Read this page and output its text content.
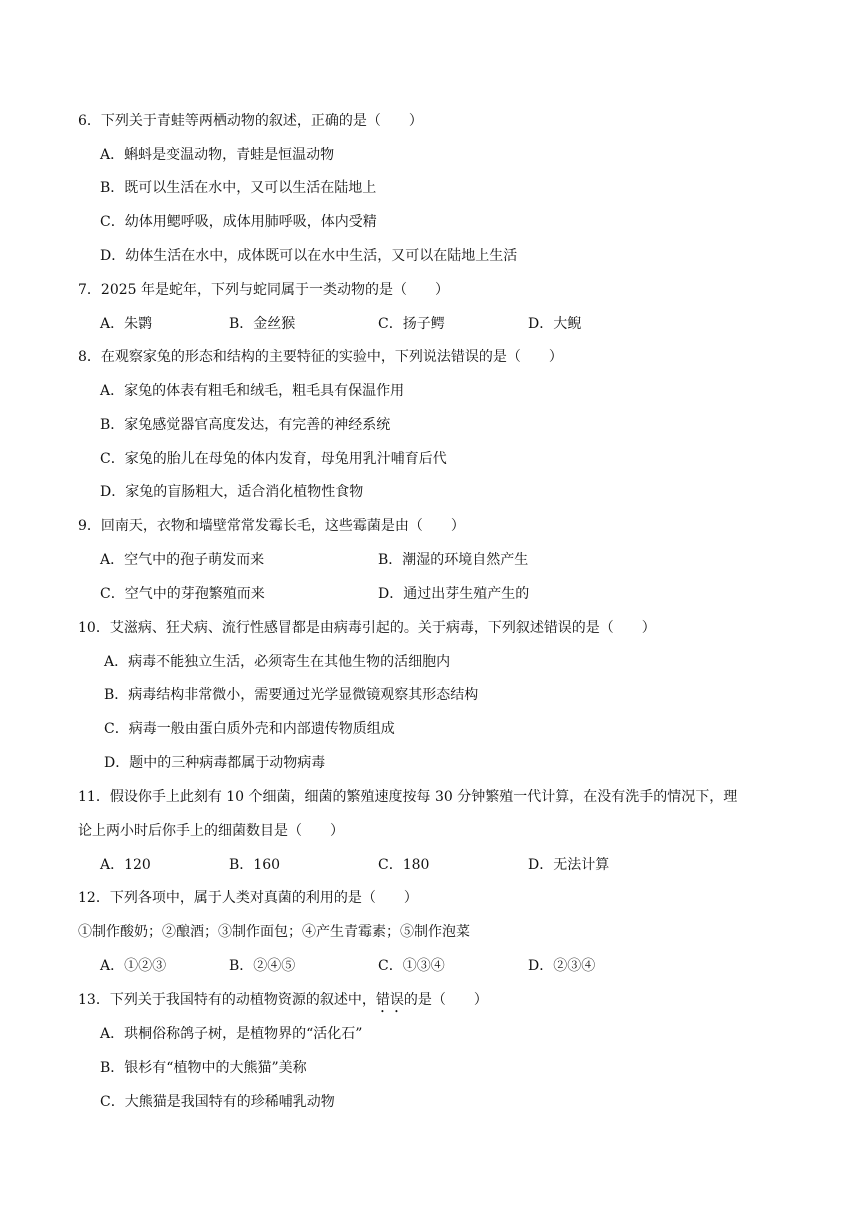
6．下列关于青蛙等两栖动物的叙述，正确的是（　　）
A．蝌蚪是变温动物，青蛙是恒温动物
B．既可以生活在水中，又可以生活在陆地上
C．幼体用鳃呼吸，成体用肺呼吸，体内受精
D．幼体生活在水中，成体既可以在水中生活，又可以在陆地上生活
7．2025 年是蛇年，下列与蛇同属于一类动物的是（　　）
A．朱鹮	B．金丝猴	C．扬子鳄	D．大鲵
8．在观察家兔的形态和结构的主要特征的实验中，下列说法错误的是（　　）
A．家兔的体表有粗毛和绒毛，粗毛具有保温作用
B．家兔感觉器官高度发达，有完善的神经系统
C．家兔的胎儿在母兔的体内发育，母兔用乳汁哺育后代
D．家兔的盲肠粗大，适合消化植物性食物
9．回南天，衣物和墙壁常常发霉长毛，这些霉菌是由（　　）
A．空气中的孢子萌发而来	B．潮湿的环境自然产生
C．空气中的芽孢繁殖而来	D．通过出芽生殖产生的
10．艾滋病、狂犬病、流行性感冒都是由病毒引起的。关于病毒，下列叙述错误的是（　　）
A．病毒不能独立生活，必须寄生在其他生物的活细胞内
B．病毒结构非常微小，需要通过光学显微镜观察其形态结构
C．病毒一般由蛋白质外壳和内部遗传物质组成
D．题中的三种病毒都属于动物病毒
11．假设你手上此刻有 10 个细菌，细菌的繁殖速度按每 30 分钟繁殖一代计算，在没有洗手的情况下，理
论上两小时后你手上的细菌数目是（　　）
A．120	B．160	C．180	D．无法计算
12．下列各项中，属于人类对真菌的利用的是（　　）
①制作酸奶；②酿酒；③制作面包；④产生青霉素；⑤制作泡菜
A．①②③	B．②④⑤	C．①③④	D．②③④
13．下列关于我国特有的动植物资源的叙述中，错误的是（　　）
A．珙桐俗称鸽子树，是植物界的“活化石”
B．银杉有“植物中的大熊猫”美称
C．大熊猫是我国特有的珍稀哺乳动物
